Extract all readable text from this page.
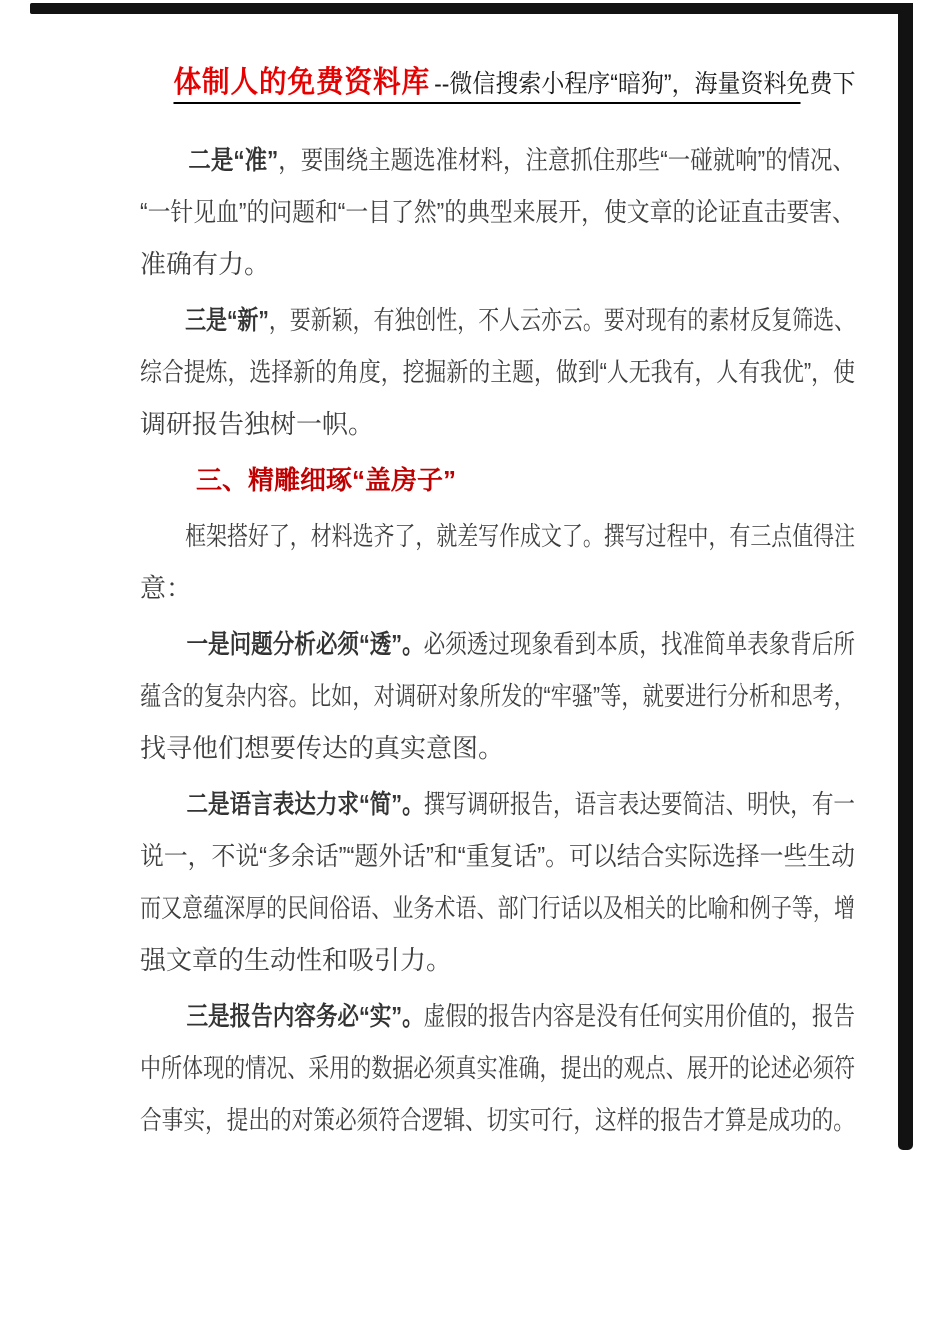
体制人的免费资料库 --微信搜索小程序“暗狗”，海量资料免费下
二是“准”，要围绕主题选准材料，注意抓住那些“一碰就响”的情况、
“一针见血”的问题和“一目了然”的典型来展开，使文章的论证直击要害、
准确有力。
三是“新”，要新颖，有独创性，不人云亦云。要对现有的素材反复筛选、
综合提炼，选择新的角度，挖掘新的主题，做到“人无我有，人有我优”，使
调研报告独树一帜。
三、精雕细琢“盖房子”
框架搭好了，材料选齐了，就差写作成文了。撰写过程中，有三点值得注
意：
一是问题分析必须“透”。必须透过现象看到本质，找准简单表象背后所
蕴含的复杂内容。比如，对调研对象所发的“牢骚”等，就要进行分析和思考，
找寻他们想要传达的真实意图。
二是语言表达力求“简”。撰写调研报告，语言表达要简洁、明快，有一
说一，不说“多余话”“题外话”和“重复话”。可以结合实际选择一些生动
而又意蕴深厚的民间俗语、业务术语、部门行话以及相关的比喻和例子等，增
强文章的生动性和吸引力。
三是报告内容务必“实”。虚假的报告内容是没有任何实用价值的，报告
中所体现的情况、采用的数据必须真实准确，提出的观点、展开的论述必须符
合事实，提出的对策必须符合逻辑、切实可行，这样的报告才算是成功的。
